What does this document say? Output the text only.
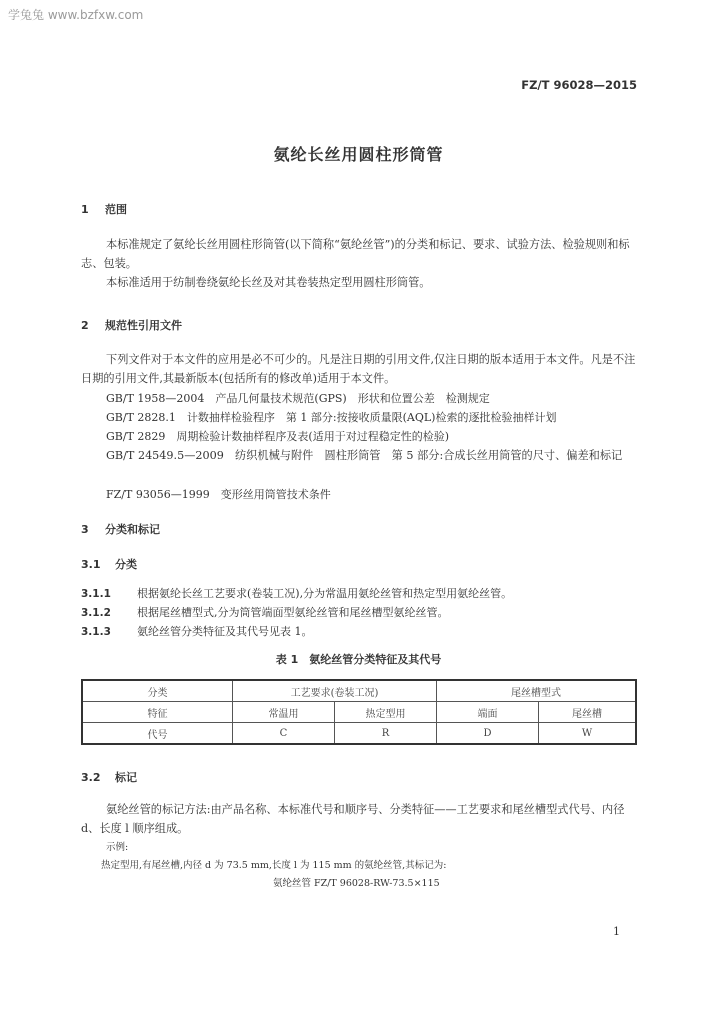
学兔兔 www.bzfxw.com
FZ/T 96028—2015
氨纶长丝用圆柱形筒管
1 范围
本标准规定了氨纶长丝用圆柱形筒管(以下简称“氨纶丝管”)的分类和标记、要求、试验方法、检验规则和标志、包装。
本标准适用于纺制卷绕氨纶长丝及对其卷装热定型用圆柱形筒管。
2 规范性引用文件
下列文件对于本文件的应用是必不可少的。凡是注日期的引用文件,仅注日期的版本适用于本文件。凡是不注日期的引用文件,其最新版本(包括所有的修改单)适用于本文件。
GB/T 1958—2004　产品几何量技术规范(GPS)　形状和位置公差　检测规定
GB/T 2828.1　计数抽样检验程序　第 1 部分:按接收质量限(AQL)检索的逐批检验抽样计划
GB/T 2829　周期检验计数抽样程序及表(适用于对过程稳定性的检验)
GB/T 24549.5—2009　纺织机械与附件　圆柱形筒管　第 5 部分:合成长丝用筒管的尺寸、偏差和标记
FZ/T 93056—1999　变形丝用筒管技术条件
3 分类和标记
3.1 分类
3.1.1 根据氨纶长丝工艺要求(卷装工况),分为常温用氨纶丝管和热定型用氨纶丝管。
3.1.2 根据尾丝槽型式,分为筒管端面型氨纶丝管和尾丝槽型氨纶丝管。
3.1.3 氨纶丝管分类特征及其代号见表 1。
表 1　氨纶丝管分类特征及其代号
分类	工艺要求(卷装工况)		尾丝槽型式	
特征	常温用	热定型用	端面	尾丝槽
代号	C	R	D	W
3.2 标记
氨纶丝管的标记方法:由产品名称、本标准代号和顺序号、分类特征——工艺要求和尾丝槽型式代号、内径 d、长度 l 顺序组成。
示例:
热定型用,有尾丝槽,内径 d 为 73.5 mm,长度 l 为 115 mm 的氨纶丝管,其标记为:
氨纶丝管 FZ/T 96028-RW-73.5×115
1
